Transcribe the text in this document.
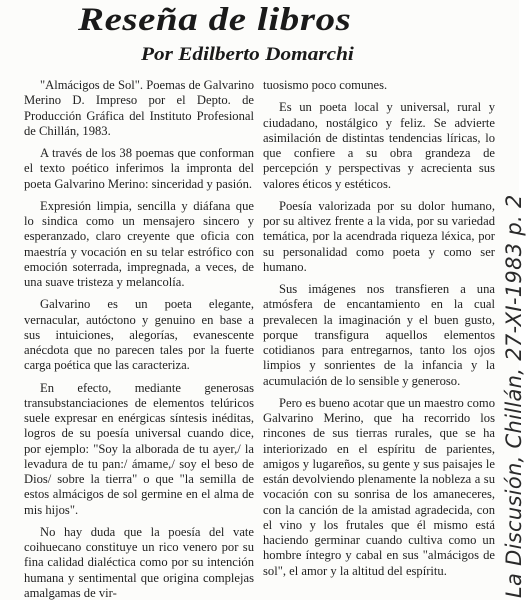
Reseña de libros
Por Edilberto Domarchi

"Almácigos de Sol". Poemas de Galvarino Merino D. Impreso por el Depto. de Producción Gráfica del Instituto Profesional de Chillán, 1983.

A través de los 38 poemas que conforman el texto poético inferimos la impronta del poeta Galvarino Merino: sinceridad y pasión.

Expresión limpia, sencilla y diáfana que lo sindica como un mensajero sincero y esperanzado, claro creyente que oficia con maestría y vocación en su telar estrófico con emoción soterrada, impregnada, a veces, de una suave tristeza y melancolía.

Galvarino es un poeta elegante, vernacular, autóctono y genuino en base a sus intuiciones, alegorías, evanescente anécdota que no parecen tales por la fuerte carga poética que las caracteriza.

En efecto, mediante generosas transubstanciaciones de elementos telúricos suele expresar en enérgicas síntesis inéditas, logros de su poesía universal cuando dice, por ejemplo: "Soy la alborada de tu ayer,/ la levadura de tu pan:/ ámame,/ soy el beso de Dios/ sobre la tierra" o que "la semilla de estos almácigos de sol germine en el alma de mis hijos".

No hay duda que la poesía del vate coihuecano constituye un rico venero por su fina calidad dialéctica como por su intención humana y sentimental que origina complejas amalgamas de vir-

tuosismo poco comunes.

Es un poeta local y universal, rural y ciudadano, nostálgico y feliz. Se advierte asimilación de distintas tendencias líricas, lo que confiere a su obra grandeza de percepción y perspectivas y acrecienta sus valores éticos y estéticos.

Poesía valorizada por su dolor humano, por su altivez frente a la vida, por su variedad temática, por la acendrada riqueza léxica, por su personalidad como poeta y como ser humano.

Sus imágenes nos transfieren a una atmósfera de encantamiento en la cual prevalecen la imaginación y el buen gusto, porque transfigura aquellos elementos cotidianos para entregarnos, tanto los ojos limpios y sonrientes de la infancia y la acumulación de lo sensible y generoso.

Pero es bueno acotar que un maestro como Galvarino Merino, que ha recorrido los rincones de sus tierras rurales, que se ha interiorizado en el espíritu de parientes, amigos y lugareños, su gente y sus paisajes le están devolviendo plenamente la nobleza a su vocación con su sonrisa de los amaneceres, con la canción de la amistad agradecida, con el vino y los frutales que él mismo está haciendo germinar cuando cultiva como un hombre íntegro y cabal en sus "almácigos de sol", el amor y la altitud del espíritu.	La Discusión, Chillán, 27-XI-1983 p. 2
